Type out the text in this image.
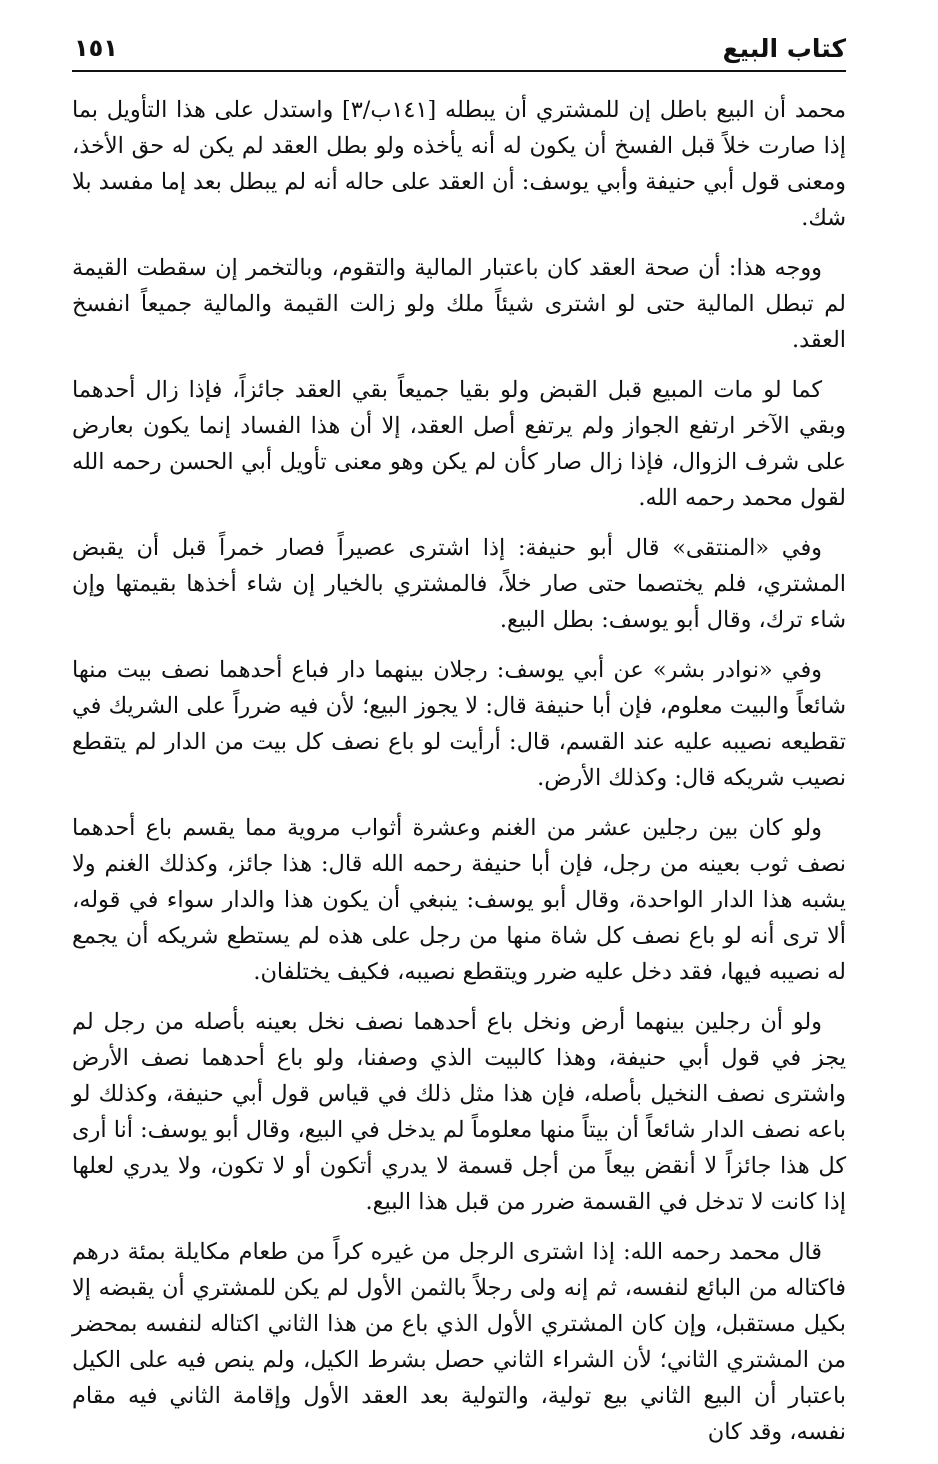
كتاب البيع
١٥١

محمد أن البيع باطل إن للمشتري أن يبطله [١٤١ب/٣] واستدل على هذا التأويل بما إذا صارت خلاً قبل الفسخ أن يكون له أنه يأخذه ولو بطل العقد لم يكن له حق الأخذ، ومعنى قول أبي حنيفة وأبي يوسف: أن العقد على حاله أنه لم يبطل بعد إما مفسد بلا شك.

ووجه هذا: أن صحة العقد كان باعتبار المالية والتقوم، وبالتخمر إن سقطت القيمة لم تبطل المالية حتى لو اشترى شيئاً ملك ولو زالت القيمة والمالية جميعاً انفسخ العقد.

كما لو مات المبيع قبل القبض ولو بقيا جميعاً بقي العقد جائزاً، فإذا زال أحدهما وبقي الآخر ارتفع الجواز ولم يرتفع أصل العقد، إلا أن هذا الفساد إنما يكون بعارض على شرف الزوال، فإذا زال صار كأن لم يكن وهو معنى تأويل أبي الحسن رحمه الله لقول محمد رحمه الله.

وفي «المنتقى» قال أبو حنيفة: إذا اشترى عصيراً فصار خمراً قبل أن يقبض المشتري، فلم يختصما حتى صار خلاً، فالمشتري بالخيار إن شاء أخذها بقيمتها وإن شاء ترك، وقال أبو يوسف: بطل البيع.

وفي «نوادر بشر» عن أبي يوسف: رجلان بينهما دار فباع أحدهما نصف بيت منها شائعاً والبيت معلوم، فإن أبا حنيفة قال: لا يجوز البيع؛ لأن فيه ضرراً على الشريك في تقطيعه نصيبه عليه عند القسم، قال: أرأيت لو باع نصف كل بيت من الدار لم يتقطع نصيب شريكه قال: وكذلك الأرض.

ولو كان بين رجلين عشر من الغنم وعشرة أثواب مروية مما يقسم باع أحدهما نصف ثوب بعينه من رجل، فإن أبا حنيفة رحمه الله قال: هذا جائز، وكذلك الغنم ولا يشبه هذا الدار الواحدة، وقال أبو يوسف: ينبغي أن يكون هذا والدار سواء في قوله، ألا ترى أنه لو باع نصف كل شاة منها من رجل على هذه لم يستطع شريكه أن يجمع له نصيبه فيها، فقد دخل عليه ضرر ويتقطع نصيبه، فكيف يختلفان.

ولو أن رجلين بينهما أرض ونخل باع أحدهما نصف نخل بعينه بأصله من رجل لم يجز في قول أبي حنيفة، وهذا كالبيت الذي وصفنا، ولو باع أحدهما نصف الأرض واشترى نصف النخيل بأصله، فإن هذا مثل ذلك في قياس قول أبي حنيفة، وكذلك لو باعه نصف الدار شائعاً أن بيتاً منها معلوماً لم يدخل في البيع، وقال أبو يوسف: أنا أرى كل هذا جائزاً لا أنقض بيعاً من أجل قسمة لا يدري أتكون أو لا تكون، ولا يدري لعلها إذا كانت لا تدخل في القسمة ضرر من قبل هذا البيع.

قال محمد رحمه الله: إذا اشترى الرجل من غيره كراً من طعام مكايلة بمئة درهم فاكتاله من البائع لنفسه، ثم إنه ولى رجلاً بالثمن الأول لم يكن للمشتري أن يقبضه إلا بكيل مستقبل، وإن كان المشتري الأول الذي باع من هذا الثاني اكتاله لنفسه بمحضر من المشتري الثاني؛ لأن الشراء الثاني حصل بشرط الكيل، ولم ينص فيه على الكيل باعتبار أن البيع الثاني بيع تولية، والتولية بعد العقد الأول وإقامة الثاني فيه مقام نفسه، وقد كان
